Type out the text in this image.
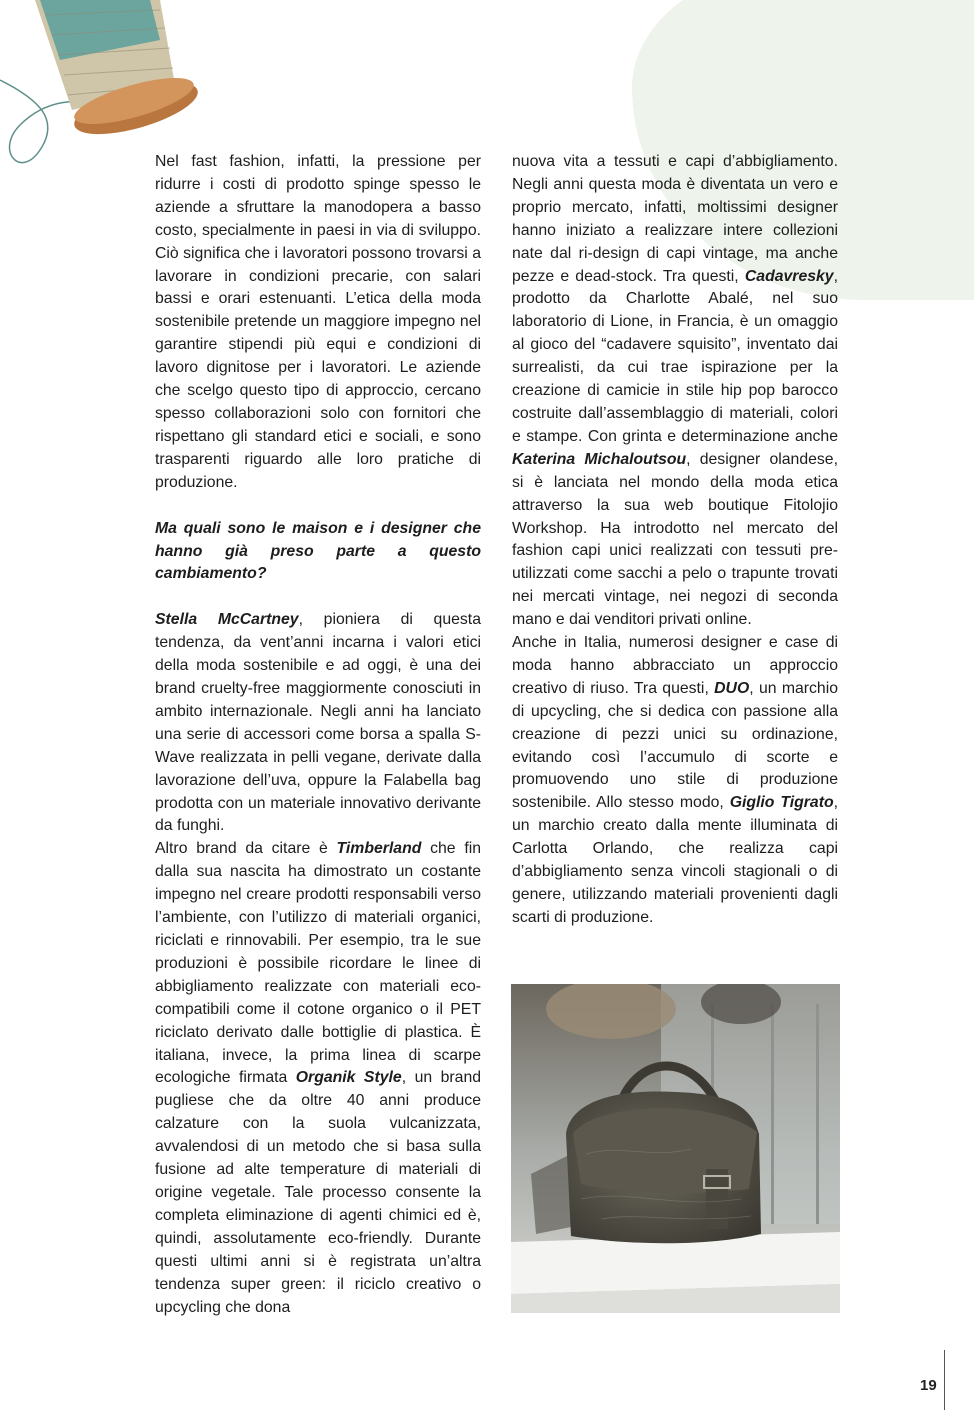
Nel fast fashion, infatti, la pressione per ridurre i costi di prodotto spinge spesso le aziende a sfruttare la manodopera a basso costo, specialmente in paesi in via di sviluppo. Ciò significa che i lavoratori possono trovarsi a lavorare in condizioni precarie, con salari bassi e orari estenuanti. L’etica della moda sostenibile pretende un maggiore impegno nel garantire stipendi più equi e condizioni di lavoro dignitose per i lavoratori. Le aziende che scelgo questo tipo di approccio, cercano spesso collaborazioni solo con fornitori che rispettano gli standard etici e sociali, e sono trasparenti riguardo alle loro pratiche di produzione.

Ma quali sono le maison e i designer che hanno già preso parte a questo cambiamento?

Stella McCartney, pioniera di questa tendenza, da vent’anni incarna i valori etici della moda sostenibile e ad oggi, è una dei brand cruelty-free maggiormente conosciuti in ambito internazionale. Negli anni ha lanciato una serie di accessori come borsa a spalla S-Wave realizzata in pelli vegane, derivate dalla lavorazione dell’uva, oppure la Falabella bag prodotta con un materiale innovativo derivante da funghi.

Altro brand da citare è Timberland che fin dalla sua nascita ha dimostrato un costante impegno nel creare prodotti responsabili verso l’ambiente, con l’utilizzo di materiali organici, riciclati e rinnovabili. Per esempio, tra le sue produzioni è possibile ricordare le linee di abbigliamento realizzate con materiali eco-compatibili come il cotone organico o il PET riciclato derivato dalle bottiglie di plastica. È italiana, invece, la prima linea di scarpe ecologiche firmata Organik Style, un brand pugliese che da oltre 40 anni produce calzature con la suola vulcanizzata, avvalendosi di un metodo che si basa sulla fusione ad alte temperature di materiali di origine vegetale. Tale processo consente la completa eliminazione di agenti chimici ed è, quindi, assolutamente eco-friendly. Durante questi ultimi anni si è registrata un’altra tendenza super green: il riciclo creativo o upcycling che dona

nuova vita a tessuti e capi d’abbigliamento. Negli anni questa moda è diventata un vero e proprio mercato, infatti, moltissimi designer hanno iniziato a realizzare intere collezioni nate dal ri-design di capi vintage, ma anche pezze e dead-stock. Tra questi, Cadavresky, prodotto da Charlotte Abalé, nel suo laboratorio di Lione, in Francia, è un omaggio al gioco del “cadavere squisito”, inventato dai surrealisti, da cui trae ispirazione per la creazione di camicie in stile hip pop barocco costruite dall’assemblaggio di materiali, colori e stampe. Con grinta e determinazione anche Katerina Michaloutsou, designer olandese, si è lanciata nel mondo della moda etica attraverso la sua web boutique Fitolojio Workshop. Ha introdotto nel mercato del fashion capi unici realizzati con tessuti pre-utilizzati come sacchi a pelo o trapunte trovati nei mercati vintage, nei negozi di seconda mano e dai venditori privati online.

Anche in Italia, numerosi designer e case di moda hanno abbracciato un approccio creativo di riuso. Tra questi, DUO, un marchio di upcycling, che si dedica con passione alla creazione di pezzi unici su ordinazione, evitando così l’accumulo di scorte e promuovendo uno stile di produzione sostenibile. Allo stesso modo, Giglio Tigrato, un marchio creato dalla mente illuminata di Carlotta Orlando, che realizza capi d’abbigliamento senza vincoli stagionali o di genere, utilizzando materiali provenienti dagli scarti di produzione.

19
